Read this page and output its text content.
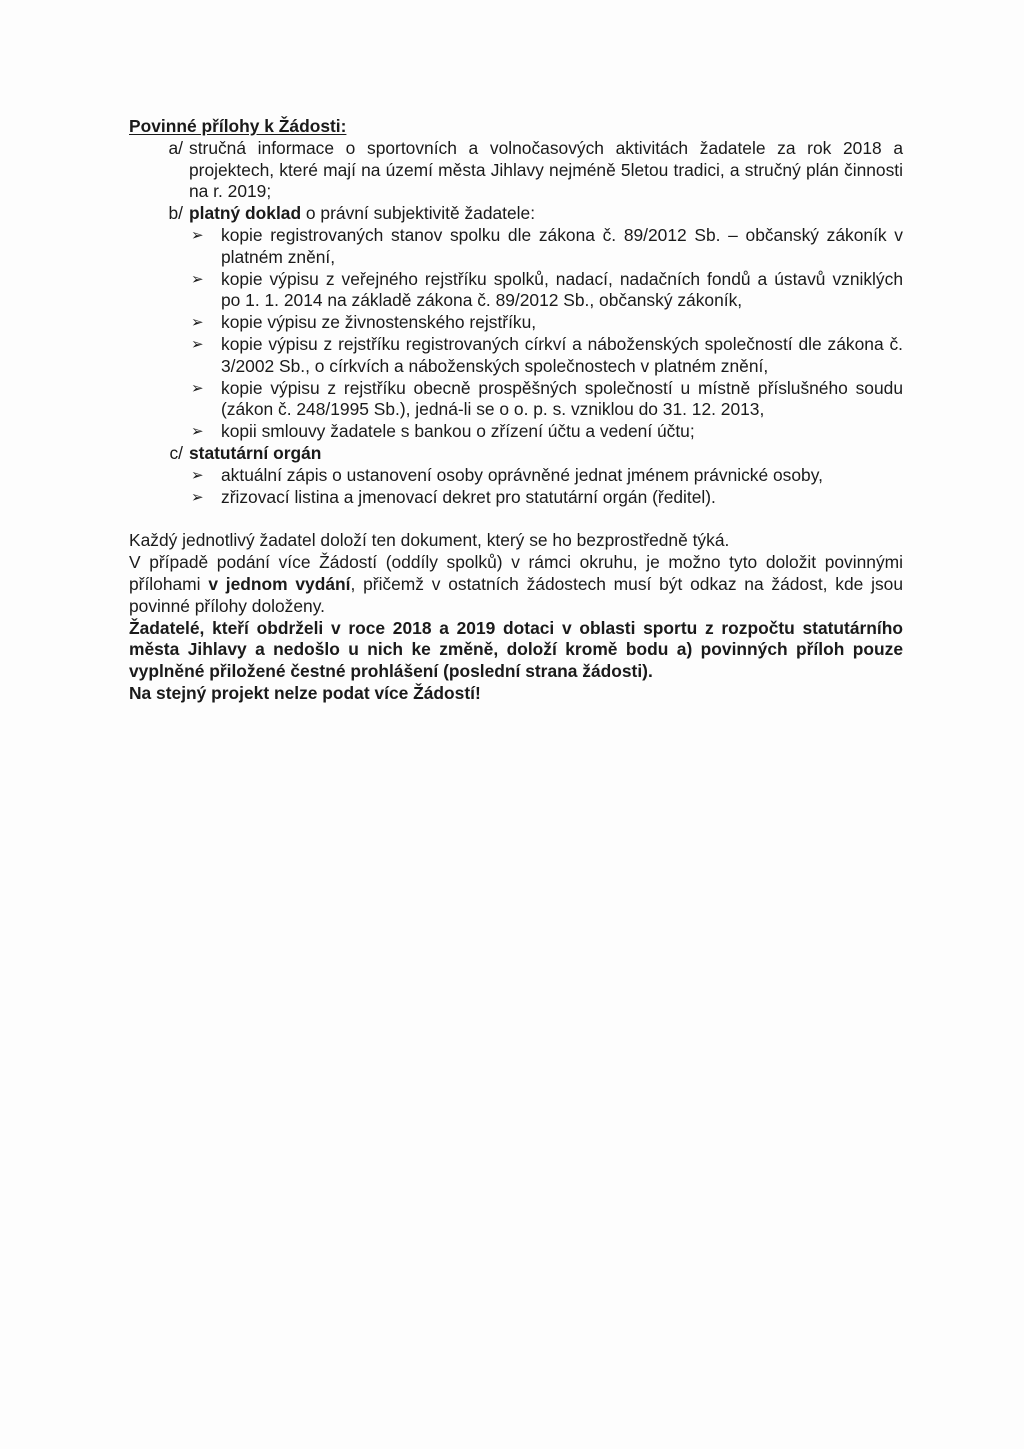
Povinné přílohy k Žádosti:

a/ stručná informace o sportovních a volnočasových aktivitách žadatele za rok 2018 a projektech, které mají na území města Jihlavy nejméně 5letou tradici, a stručný plán činnosti na r. 2019;
b/ platný doklad o právní subjektivitě žadatele:
➢	kopie registrovaných stanov spolku dle zákona č. 89/2012 Sb. – občanský zákoník v platném znění,
➢	kopie výpisu z veřejného rejstříku spolků, nadací, nadačních fondů a ústavů vzniklých po 1. 1. 2014 na základě zákona č. 89/2012 Sb., občanský zákoník,
➢	kopie výpisu ze živnostenského rejstříku,
➢	kopie výpisu z rejstříku registrovaných církví a náboženských společností dle zákona č. 3/2002 Sb., o církvích a náboženských společnostech v platném znění,
➢	kopie výpisu z rejstříku obecně prospěšných společností u místně příslušného soudu (zákon č. 248/1995 Sb.), jedná-li se o o. p. s. vzniklou do 31. 12. 2013,
➢	kopii smlouvy žadatele s bankou o zřízení účtu a vedení účtu;
c/ statutární orgán
➢	aktuální zápis o ustanovení osoby oprávněné jednat jménem právnické osoby,
➢	zřizovací listina a jmenovací dekret pro statutární orgán (ředitel).

Každý jednotlivý žadatel doloží ten dokument, který se ho bezprostředně týká.

V případě podání více Žádostí (oddíly spolků) v rámci okruhu, je možno tyto doložit povinnými přílohami v jednom vydání, přičemž v ostatních žádostech musí být odkaz na žádost, kde jsou povinné přílohy doloženy.

Žadatelé, kteří obdrželi v roce 2018 a 2019 dotaci v oblasti sportu z rozpočtu statutárního města Jihlavy a nedošlo u nich ke změně, doloží kromě bodu a) povinných příloh pouze vyplněné přiložené čestné prohlášení (poslední strana žádosti).

Na stejný projekt nelze podat více Žádostí!
